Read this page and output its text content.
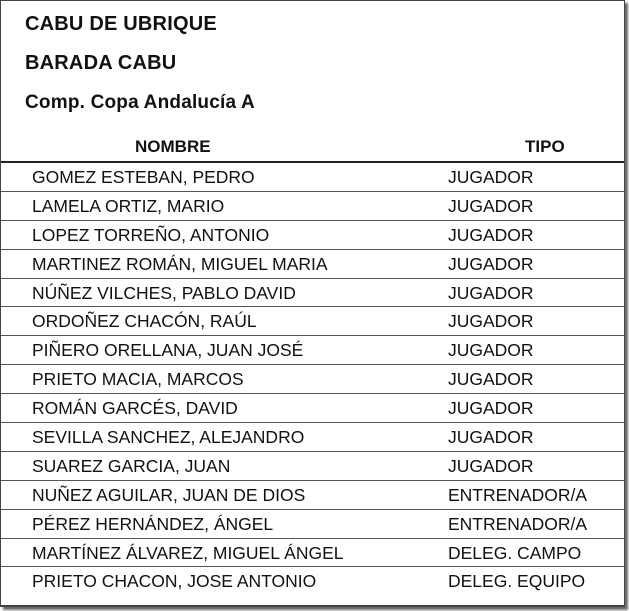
CABU DE UBRIQUE
BARADA CABU
Comp. Copa Andalucía A
NOMBRE	TIPO
GOMEZ ESTEBAN, PEDRO	JUGADOR
LAMELA ORTIZ, MARIO	JUGADOR
LOPEZ TORREÑO, ANTONIO	JUGADOR
MARTINEZ ROMÁN, MIGUEL MARIA	JUGADOR
NÚÑEZ VILCHES, PABLO DAVID	JUGADOR
ORDOÑEZ CHACÓN, RAÚL	JUGADOR
PIÑERO ORELLANA, JUAN JOSÉ	JUGADOR
PRIETO MACIA, MARCOS	JUGADOR
ROMÁN GARCÉS, DAVID	JUGADOR
SEVILLA SANCHEZ, ALEJANDRO	JUGADOR
SUAREZ GARCIA, JUAN	JUGADOR
NUÑEZ AGUILAR, JUAN DE DIOS	ENTRENADOR/A
PÉREZ HERNÁNDEZ, ÁNGEL	ENTRENADOR/A
MARTÍNEZ ÁLVAREZ, MIGUEL ÁNGEL	DELEG. CAMPO
PRIETO CHACON, JOSE ANTONIO	DELEG. EQUIPO
